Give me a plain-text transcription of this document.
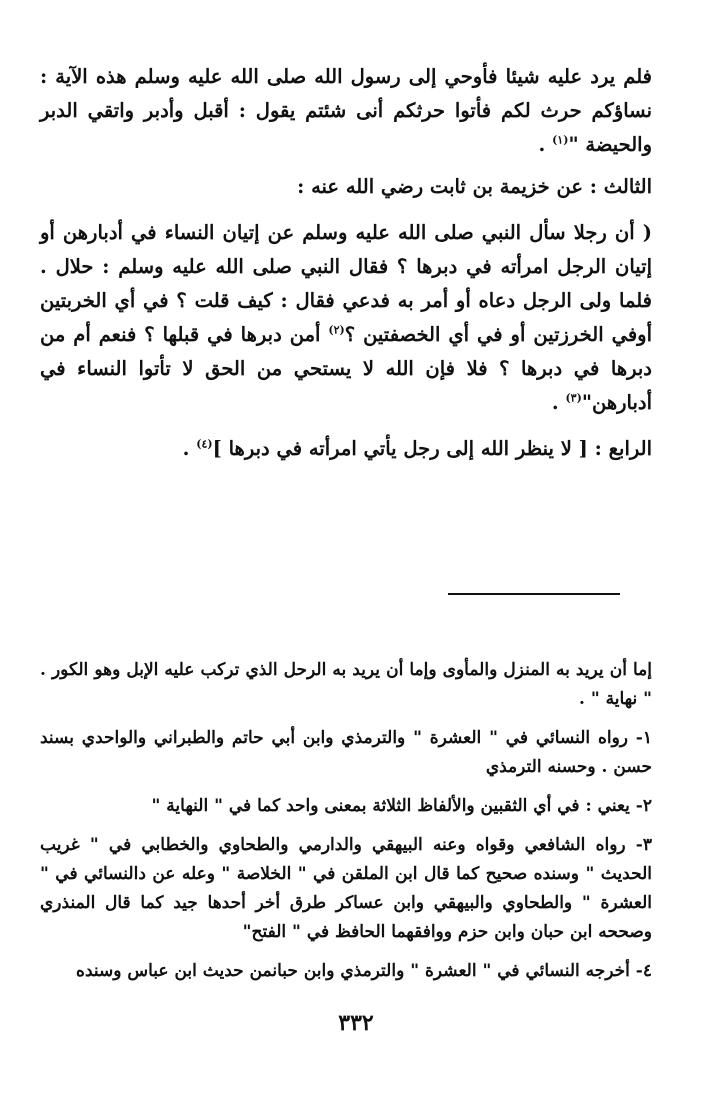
فلم يرد عليه شيئا فأوحي إلى رسول الله صلى الله عليه وسلم هذه الآية : نساؤكم حرث لكم فأتوا حرثكم أنى شئتم يقول : أقبل وأدبر واتقي الدبر والحيضة "$^{(١)}$ .

الثالث : عن خزيمة بن ثابت رضي الله عنه :

( أن رجلا سأل النبي صلى الله عليه وسلم عن إتيان النساء في أدبارهن أو إتيان الرجل امرأته في دبرها ؟ فقال النبي صلى الله عليه وسلم : حلال . فلما ولى الرجل دعاه أو أمر به فدعي فقال : كيف قلت ؟ في أي الخربتين أوفي الخرزتين أو في أي الخصفتين ؟$^{(٢)}$ أمن دبرها في قبلها ؟ فنعم أم من دبرها في دبرها ؟ فلا فإن الله لا يستحي من الحق لا تأتوا النساء في أدبارهن"$^{(٣)}$ .

الرابع : [ لا ينظر الله إلى رجل يأتي امرأته في دبرها ]$^{(٤)}$ .

إما أن يريد به المنزل والمأوى وإما أن يريد به الرحل الذي تركب عليه الإبل وهو الكور . " نهاية " .

١- رواه النسائي في " العشرة " والترمذي وابن أبي حاتم والطبراني والواحدي بسند حسن . وحسنه الترمذي

٢- يعني : في أي الثقبين والألفاظ الثلاثة بمعنى واحد كما في " النهاية "

٣- رواه الشافعي وقواه وعنه البيهقي والدارمي والطحاوي والخطابي في " غريب الحديث " وسنده صحيح كما قال ابن الملقن في " الخلاصة " وعله عن دالنسائي في " العشرة " والطحاوي والبيهقي وابن عساكر طرق أخر أحدها جيد كما قال المنذري وصححه ابن حبان وابن حزم ووافقهما الحافظ في " الفتح"

٤- أخرجه النسائي في " العشرة " والترمذي وابن حبانمن حديث ابن عباس وسنده

٣٣٢
